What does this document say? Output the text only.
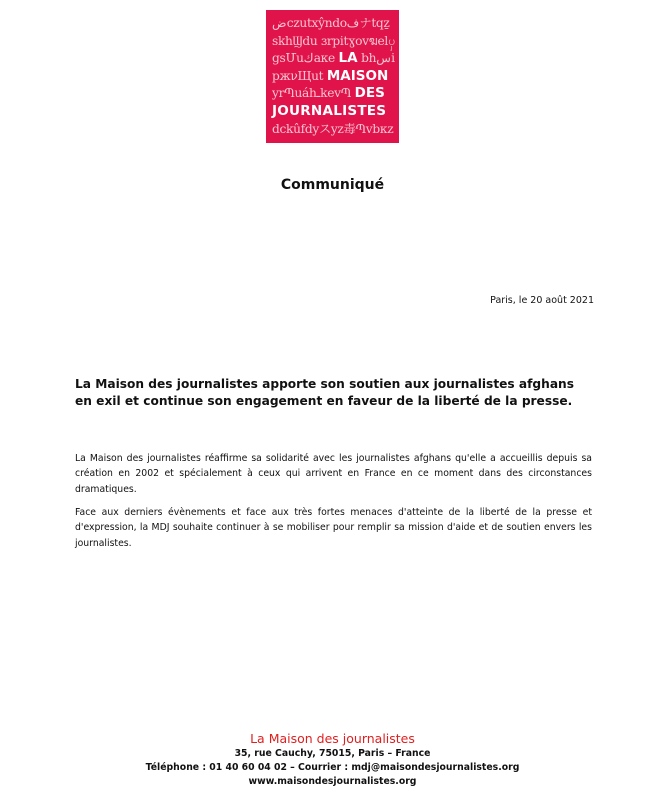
ضczutxŷndoفナtqẕ
skhϢdu ɜrpitɣovฆelၦ
gsՄuكаке LA bhسi
ржνЩut MAISON
yrՊuáhـkevՊ DES
JOURNALISTES
dckûfdyスyz毒Պvbкz
Communiqué
Paris, le 20 août 2021
La Maison des journalistes apporte son soutien aux journalistes afghans en exil et continue son engagement en faveur de la liberté de la presse.
La Maison des journalistes réaffirme sa solidarité avec les journalistes afghans qu'elle a accueillis depuis sa création en 2002 et spécialement à ceux qui arrivent en France en ce moment dans des circonstances dramatiques.
Face aux derniers évènements et face aux très fortes menaces d'atteinte de la liberté de la presse et d'expression, la MDJ souhaite continuer à se mobiliser pour remplir sa mission d'aide et de soutien envers les journalistes.
La Maison des journalistes
35, rue Cauchy, 75015, Paris – France
Téléphone : 01 40 60 04 02 – Courrier : mdj@maisondesjournalistes.org
www.maisondesjournalistes.org
